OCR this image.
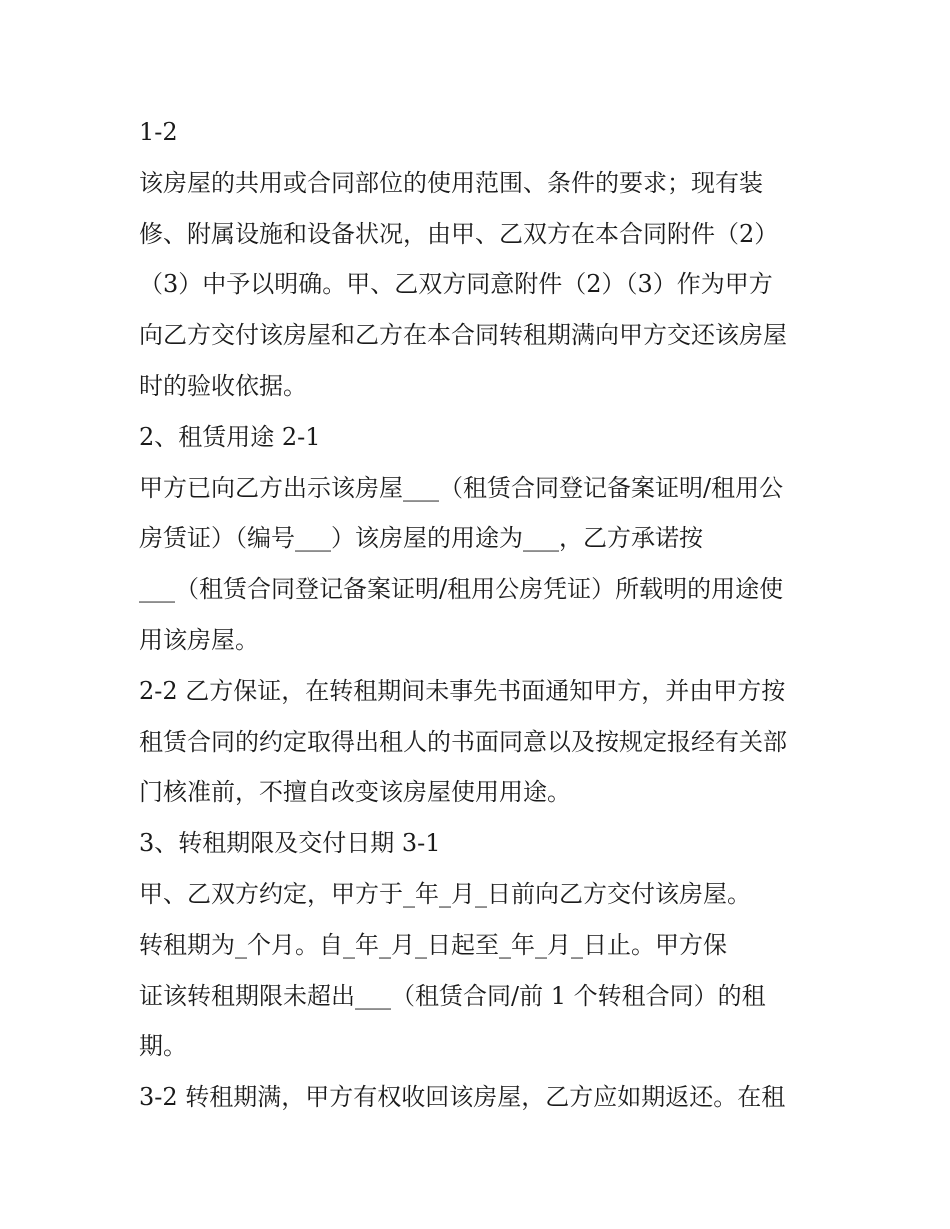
1-2
该房屋的共用或合同部位的使用范围、条件的要求；现有装
修、附属设施和设备状况，由甲、乙双方在本合同附件（2）
（3）中予以明确。甲、乙双方同意附件（2）（3）作为甲方
向乙方交付该房屋和乙方在本合同转租期满向甲方交还该房屋
时的验收依据。
2、租赁用途 2-1
甲方已向乙方出示该房屋___（租赁合同登记备案证明/租用公
房赁证）（编号___）该房屋的用途为___，乙方承诺按
___（租赁合同登记备案证明/租用公房凭证）所载明的用途使
用该房屋。
2-2 乙方保证，在转租期间未事先书面通知甲方，并由甲方按
租赁合同的约定取得出租人的书面同意以及按规定报经有关部
门核准前，不擅自改变该房屋使用用途。
3、转租期限及交付日期 3-1
甲、乙双方约定，甲方于_年_月_日前向乙方交付该房屋。
转租期为_个月。自_年_月_日起至_年_月_日止。甲方保
证该转租期限未超出___（租赁合同/前 1 个转租合同）的租
期。
3-2 转租期满，甲方有权收回该房屋，乙方应如期返还。在租
